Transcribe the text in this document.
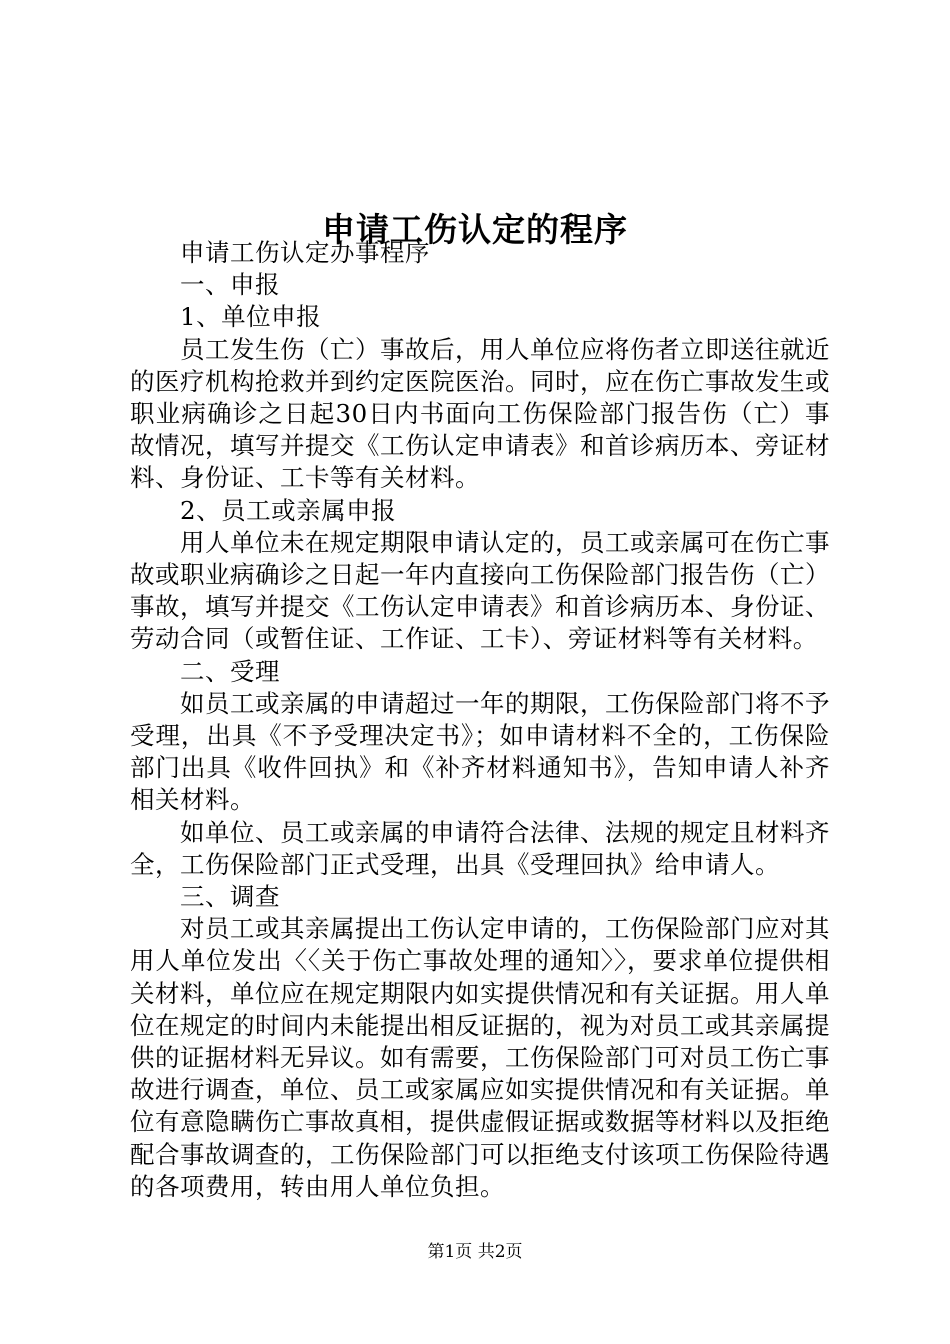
申请工伤认定的程序

申请工伤认定办事程序

一、申报

1、单位申报

员工发生伤（亡）事故后，用人单位应将伤者立即送往就近的医疗机构抢救并到约定医院医治。同时，应在伤亡事故发生或职业病确诊之日起30日内书面向工伤保险部门报告伤（亡）事故情况，填写并提交《工伤认定申请表》和首诊病历本、旁证材料、身份证、工卡等有关材料。

2、员工或亲属申报

用人单位未在规定期限申请认定的，员工或亲属可在伤亡事故或职业病确诊之日起一年内直接向工伤保险部门报告伤（亡）事故，填写并提交《工伤认定申请表》和首诊病历本、身份证、劳动合同（或暂住证、工作证、工卡）、旁证材料等有关材料。

二、受理

如员工或亲属的申请超过一年的期限，工伤保险部门将不予受理，出具《不予受理决定书》；如申请材料不全的，工伤保险部门出具《收件回执》和《补齐材料通知书》，告知申请人补齐相关材料。

如单位、员工或亲属的申请符合法律、法规的规定且材料齐全，工伤保险部门正式受理，出具《受理回执》给申请人。

三、调查

对员工或其亲属提出工伤认定申请的，工伤保险部门应对其用人单位发出〈〈关于伤亡事故处理的通知〉〉，要求单位提供相关材料，单位应在规定期限内如实提供情况和有关证据。用人单位在规定的时间内未能提出相反证据的，视为对员工或其亲属提供的证据材料无异议。如有需要，工伤保险部门可对员工伤亡事故进行调查，单位、员工或家属应如实提供情况和有关证据。单位有意隐瞒伤亡事故真相，提供虚假证据或数据等材料以及拒绝配合事故调查的，工伤保险部门可以拒绝支付该项工伤保险待遇的各项费用，转由用人单位负担。

第1页 共2页
